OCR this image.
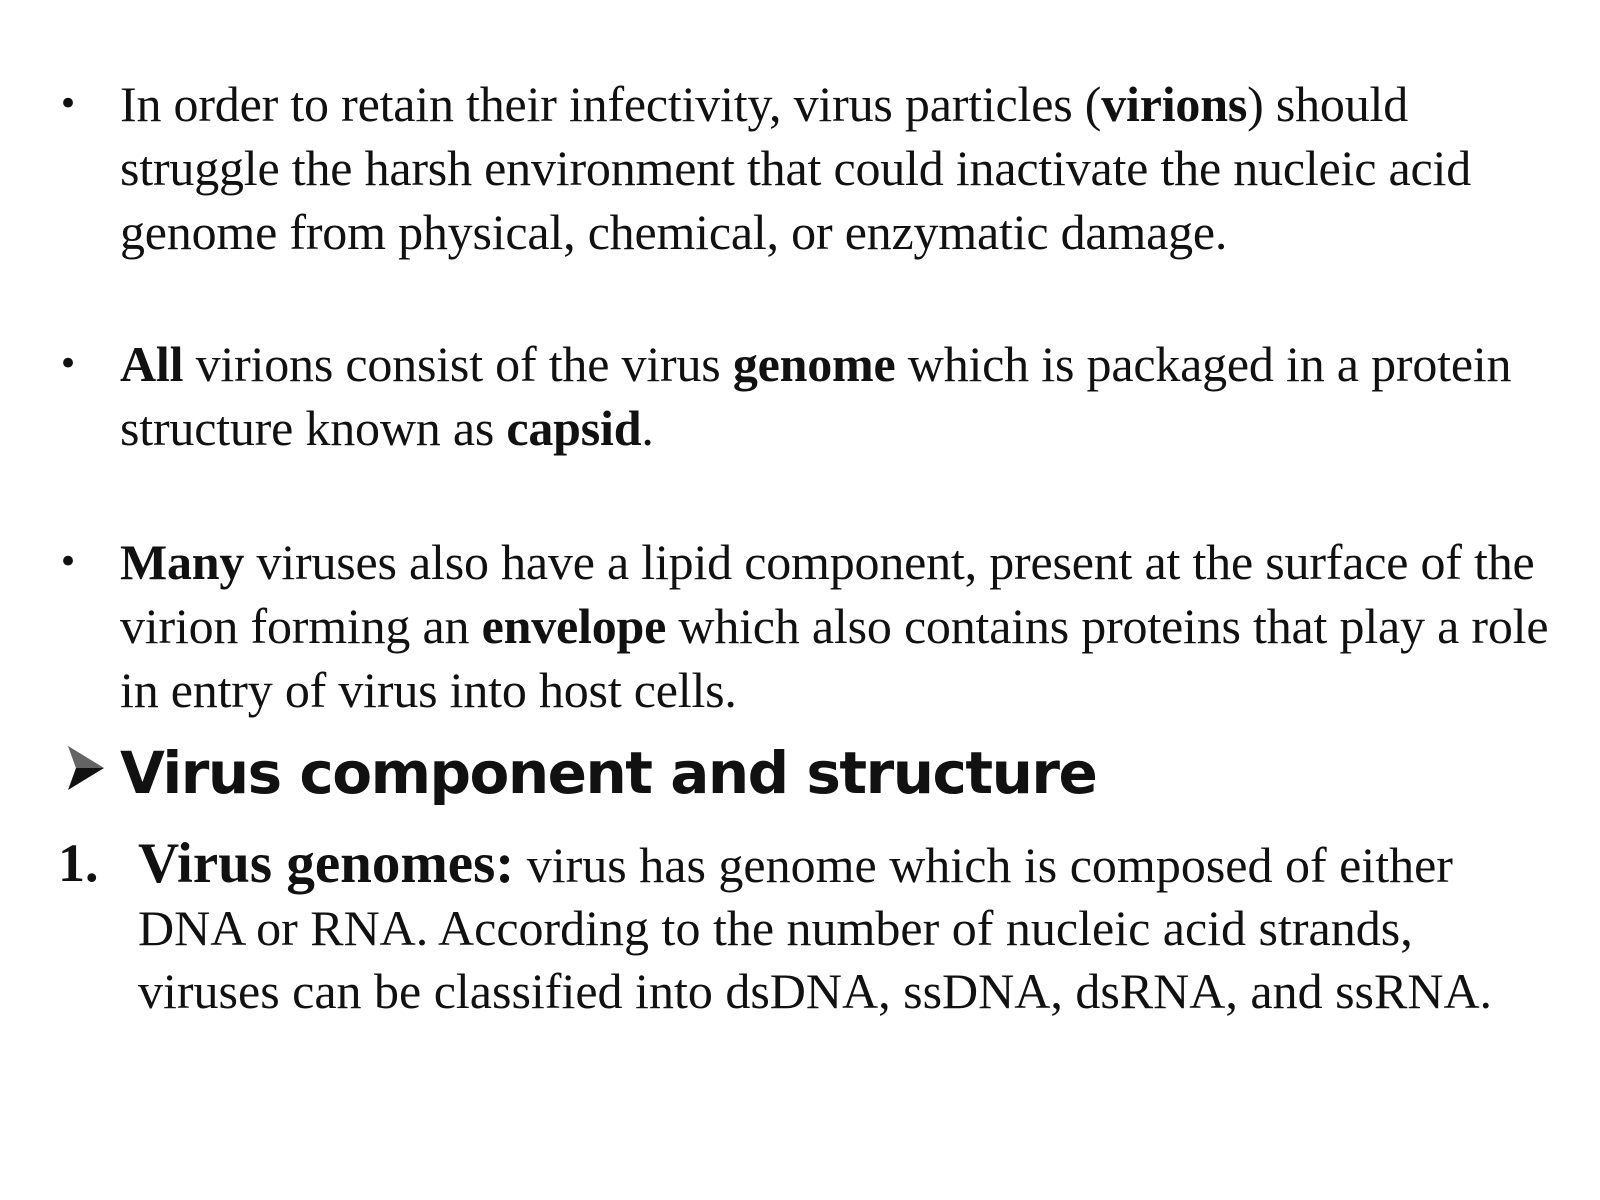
• In order to retain their infectivity, virus particles (virions) should struggle the harsh environment that could inactivate the nucleic acid genome from physical, chemical, or enzymatic damage.
• All virions consist of the virus genome which is packaged in a protein structure known as capsid.
• Many viruses also have a lipid component, present at the surface of the virion forming an envelope which also contains proteins that play a role in entry of virus into host cells.
Virus component and structure
1. Virus genomes: virus has genome which is composed of either DNA or RNA. According to the number of nucleic acid strands, viruses can be classified into dsDNA, ssDNA, dsRNA, and ssRNA.
